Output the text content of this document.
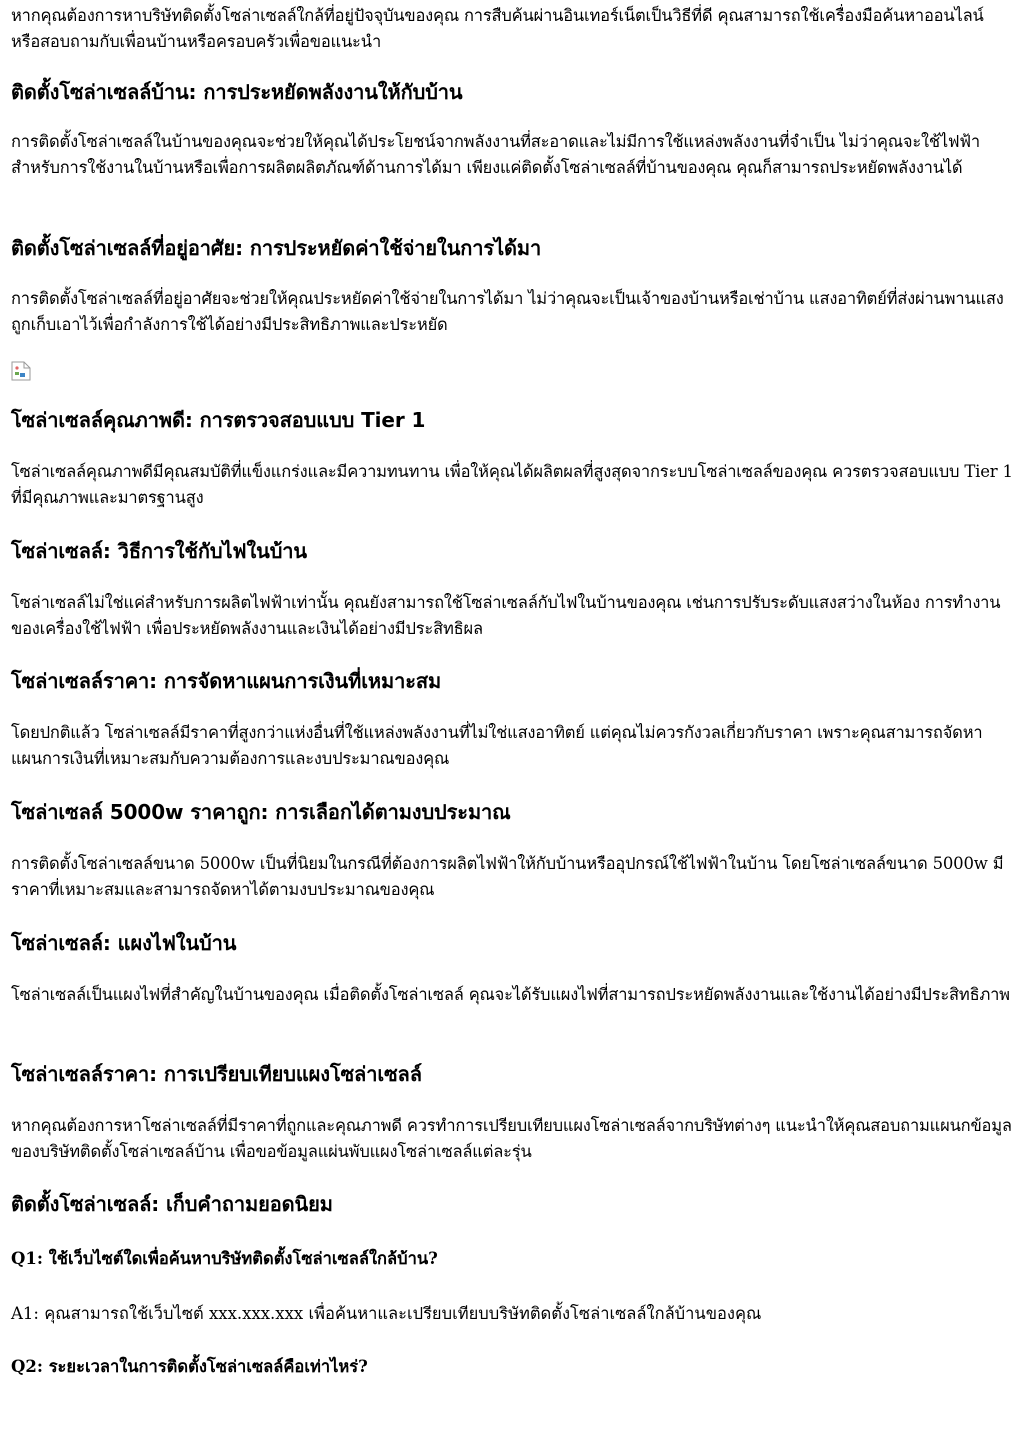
หากคุณต้องการหาบริษัทติดตั้งโซล่าเซลล์ใกล้ที่อยู่ปัจจุบันของคุณ การสืบค้นผ่านอินเทอร์เน็ตเป็นวิธีที่ดี คุณสามารถใช้เครื่องมือค้นหาออนไลน์ หรือสอบถามกับเพื่อนบ้านหรือครอบครัวเพื่อขอแนะนำ

ติดตั้งโซล่าเซลล์บ้าน: การประหยัดพลังงานให้กับบ้าน

การติดตั้งโซล่าเซลล์ในบ้านของคุณจะช่วยให้คุณได้ประโยชน์จากพลังงานที่สะอาดและไม่มีการใช้แหล่งพลังงานที่จำเป็น ไม่ว่าคุณจะใช้ไฟฟ้าสำหรับการใช้งานในบ้านหรือเพื่อการผลิตผลิตภัณฑ์ด้านการได้มา เพียงแค่ติดตั้งโซล่าเซลล์ที่บ้านของคุณ คุณก็สามารถประหยัดพลังงานได้

ติดตั้งโซล่าเซลล์ที่อยู่อาศัย: การประหยัดค่าใช้จ่ายในการได้มา

การติดตั้งโซล่าเซลล์ที่อยู่อาศัยจะช่วยให้คุณประหยัดค่าใช้จ่ายในการได้มา ไม่ว่าคุณจะเป็นเจ้าของบ้านหรือเช่าบ้าน แสงอาทิตย์ที่ส่งผ่านพานแสงถูกเก็บเอาไว้เพื่อกำลังการใช้ได้อย่างมีประสิทธิภาพและประหยัด

โซล่าเซลล์คุณภาพดี: การตรวจสอบแบบ Tier 1

โซล่าเซลล์คุณภาพดีมีคุณสมบัติที่แข็งแกร่งและมีความทนทาน เพื่อให้คุณได้ผลิตผลที่สูงสุดจากระบบโซล่าเซลล์ของคุณ ควรตรวจสอบแบบ Tier 1 ที่มีคุณภาพและมาตรฐานสูง

โซล่าเซลล์: วิธีการใช้กับไฟในบ้าน

โซล่าเซลล์ไม่ใช่แค่สำหรับการผลิตไฟฟ้าเท่านั้น คุณยังสามารถใช้โซล่าเซลล์กับไฟในบ้านของคุณ เช่นการปรับระดับแสงสว่างในห้อง การทำงานของเครื่องใช้ไฟฟ้า เพื่อประหยัดพลังงานและเงินได้อย่างมีประสิทธิผล

โซล่าเซลล์ราคา: การจัดหาแผนการเงินที่เหมาะสม

โดยปกติแล้ว โซล่าเซลล์มีราคาที่สูงกว่าแห่งอื่นที่ใช้แหล่งพลังงานที่ไม่ใช่แสงอาทิตย์ แต่คุณไม่ควรกังวลเกี่ยวกับราคา เพราะคุณสามารถจัดหาแผนการเงินที่เหมาะสมกับความต้องการและงบประมาณของคุณ

โซล่าเซลล์ 5000w ราคาถูก: การเลือกได้ตามงบประมาณ

การติดตั้งโซล่าเซลล์ขนาด 5000w เป็นที่นิยมในกรณีที่ต้องการผลิตไฟฟ้าให้กับบ้านหรืออุปกรณ์ใช้ไฟฟ้าในบ้าน โดยโซล่าเซลล์ขนาด 5000w มีราคาที่เหมาะสมและสามารถจัดหาได้ตามงบประมาณของคุณ

โซล่าเซลล์: แผงไฟในบ้าน

โซล่าเซลล์เป็นแผงไฟที่สำคัญในบ้านของคุณ เมื่อติดตั้งโซล่าเซลล์ คุณจะได้รับแผงไฟที่สามารถประหยัดพลังงานและใช้งานได้อย่างมีประสิทธิภาพ

โซล่าเซลล์ราคา: การเปรียบเทียบแผงโซล่าเซลล์

หากคุณต้องการหาโซล่าเซลล์ที่มีราคาที่ถูกและคุณภาพดี ควรทำการเปรียบเทียบแผงโซล่าเซลล์จากบริษัทต่างๆ แนะนำให้คุณสอบถามแผนกข้อมูลของบริษัทติดตั้งโซล่าเซลล์บ้าน เพื่อขอข้อมูลแผ่นพับแผงโซล่าเซลล์แต่ละรุ่น

ติดตั้งโซล่าเซลล์: เก็บคำถามยอดนิยม
Q1: ใช้เว็บไซต์ใดเพื่อค้นหาบริษัทติดตั้งโซล่าเซลล์ใกล้บ้าน?

A1: คุณสามารถใช้เว็บไซต์ xxx.xxx.xxx เพื่อค้นหาและเปรียบเทียบบริษัทติดตั้งโซล่าเซลล์ใกล้บ้านของคุณ

Q2: ระยะเวลาในการติดตั้งโซล่าเซลล์คือเท่าไหร่?
